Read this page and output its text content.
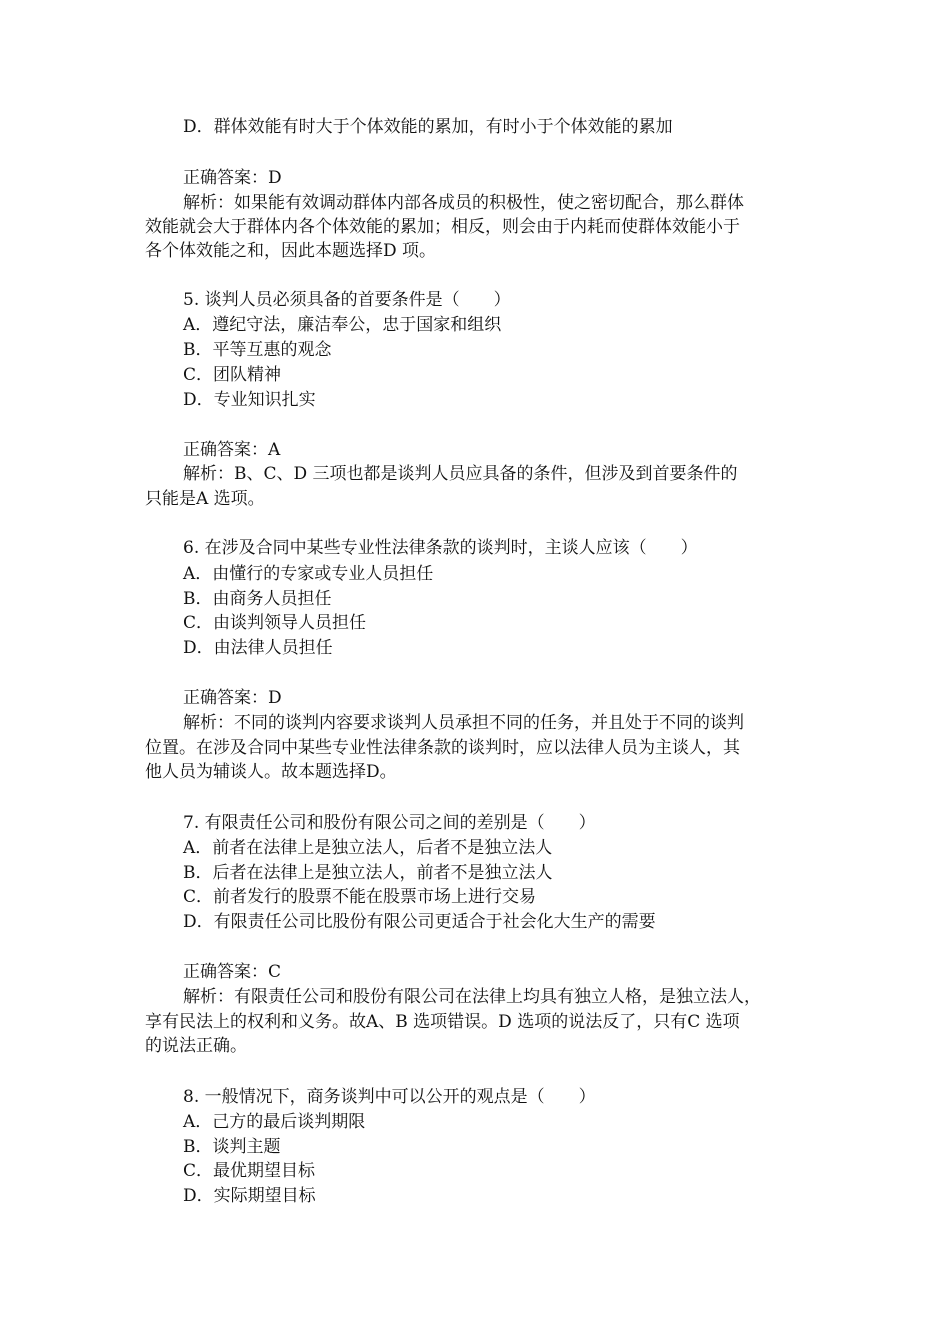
D．群体效能有时大于个体效能的累加，有时小于个体效能的累加
正确答案：D
解析：如果能有效调动群体内部各成员的积极性，使之密切配合，那么群体
效能就会大于群体内各个体效能的累加；相反，则会由于内耗而使群体效能小于
各个体效能之和，因此本题选择D 项。
5. 谈判人员必须具备的首要条件是（　　）
A．遵纪守法，廉洁奉公，忠于国家和组织
B．平等互惠的观念
C．团队精神
D．专业知识扎实
正确答案：A
解析：B、C、D 三项也都是谈判人员应具备的条件，但涉及到首要条件的
只能是A 选项。
6. 在涉及合同中某些专业性法律条款的谈判时，主谈人应该（　　）
A．由懂行的专家或专业人员担任
B．由商务人员担任
C．由谈判领导人员担任
D．由法律人员担任
正确答案：D
解析：不同的谈判内容要求谈判人员承担不同的任务，并且处于不同的谈判
位置。在涉及合同中某些专业性法律条款的谈判时，应以法律人员为主谈人，其
他人员为辅谈人。故本题选择D。
7. 有限责任公司和股份有限公司之间的差别是（　　）
A．前者在法律上是独立法人，后者不是独立法人
B．后者在法律上是独立法人，前者不是独立法人
C．前者发行的股票不能在股票市场上进行交易
D．有限责任公司比股份有限公司更适合于社会化大生产的需要
正确答案：C
解析：有限责任公司和股份有限公司在法律上均具有独立人格，是独立法人，
享有民法上的权利和义务。故A、B 选项错误。D 选项的说法反了，只有C 选项
的说法正确。
8. 一般情况下，商务谈判中可以公开的观点是（　　）
A．己方的最后谈判期限
B．谈判主题
C．最优期望目标
D．实际期望目标
